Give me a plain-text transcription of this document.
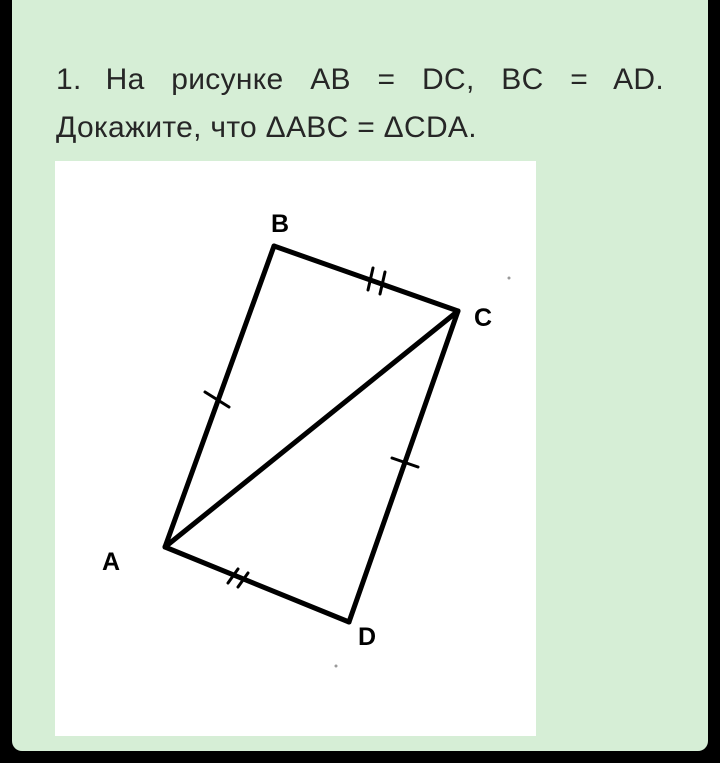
1. На рисунке AB = DC, BC = AD.
Докажите, что ΔABC = ΔCDA.
B
C
A
D
